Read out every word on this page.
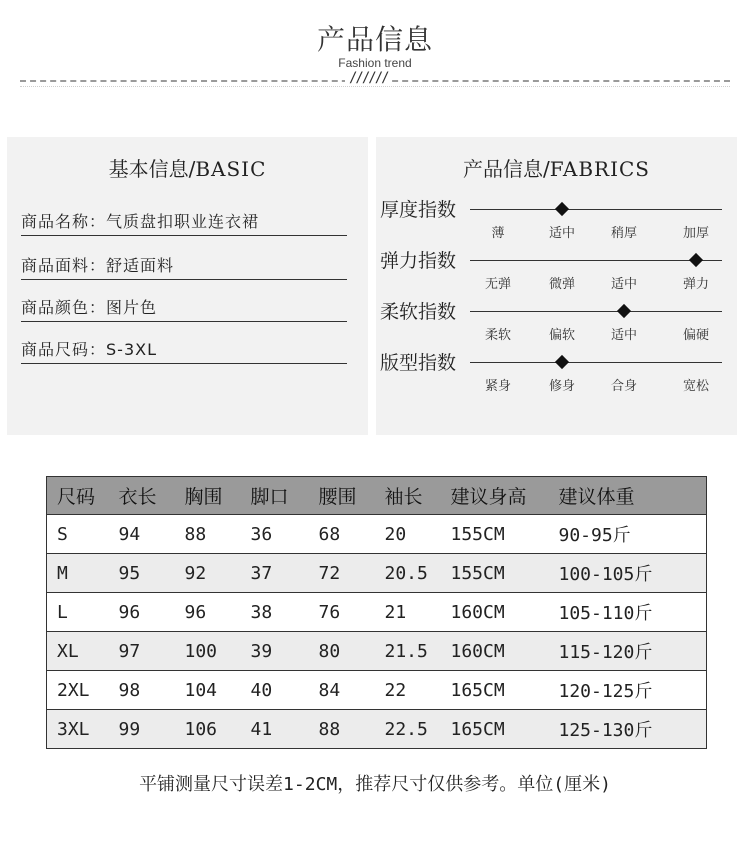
产品信息
Fashion trend
//////
基本信息/BASIC
商品名称：气质盘扣职业连衣裙
商品面料：舒适面料
商品颜色：图片色
商品尺码：S-3XL
产品信息/FABRICS
厚度指数
薄	适中	稍厚	加厚
弹力指数
无弹	微弹	适中	弹力
柔软指数
柔软	偏软	适中	偏硬
版型指数
紧身	修身	合身	宽松
尺码	衣长	胸围	脚口	腰围	袖长	建议身高	建议体重
S	94	88	36	68	20	155CM	90-95斤
M	95	92	37	72	20.5	155CM	100-105斤
L	96	96	38	76	21	160CM	105-110斤
XL	97	100	39	80	21.5	160CM	115-120斤
2XL	98	104	40	84	22	165CM	120-125斤
3XL	99	106	41	88	22.5	165CM	125-130斤
平铺测量尺寸误差1-2CM，推荐尺寸仅供参考。单位(厘米)
